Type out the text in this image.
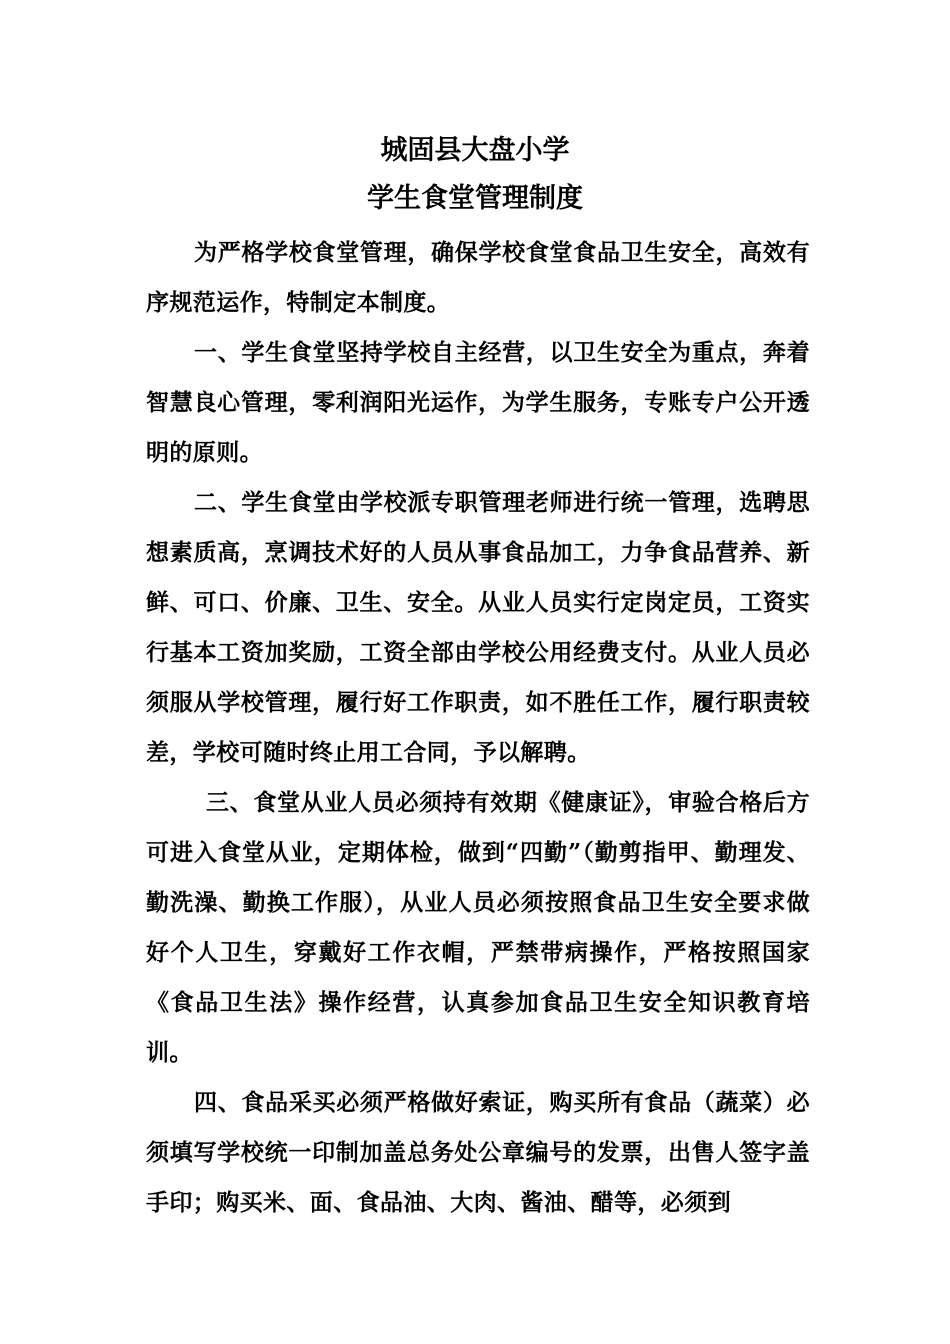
城固县大盘小学
学生食堂管理制度

为严格学校食堂管理，确保学校食堂食品卫生安全，高效有序规范运作，特制定本制度。

一、学生食堂坚持学校自主经营，以卫生安全为重点，奔着智慧良心管理，零利润阳光运作，为学生服务，专账专户公开透明的原则。

二、学生食堂由学校派专职管理老师进行统一管理，选聘思想素质高，烹调技术好的人员从事食品加工，力争食品营养、新鲜、可口、价廉、卫生、安全。从业人员实行定岗定员，工资实行基本工资加奖励，工资全部由学校公用经费支付。从业人员必须服从学校管理，履行好工作职责，如不胜任工作，履行职责较差，学校可随时终止用工合同，予以解聘。

三、食堂从业人员必须持有效期《健康证》，审验合格后方可进入食堂从业，定期体检，做到“四勤”（勤剪指甲、勤理发、勤洗澡、勤换工作服），从业人员必须按照食品卫生安全要求做好个人卫生，穿戴好工作衣帽，严禁带病操作，严格按照国家《食品卫生法》操作经营，认真参加食品卫生安全知识教育培训。

四、食品采买必须严格做好索证，购买所有食品（蔬菜）必须填写学校统一印制加盖总务处公章编号的发票，出售人签字盖手印；购买米、面、食品油、大肉、酱油、醋等，必须到
